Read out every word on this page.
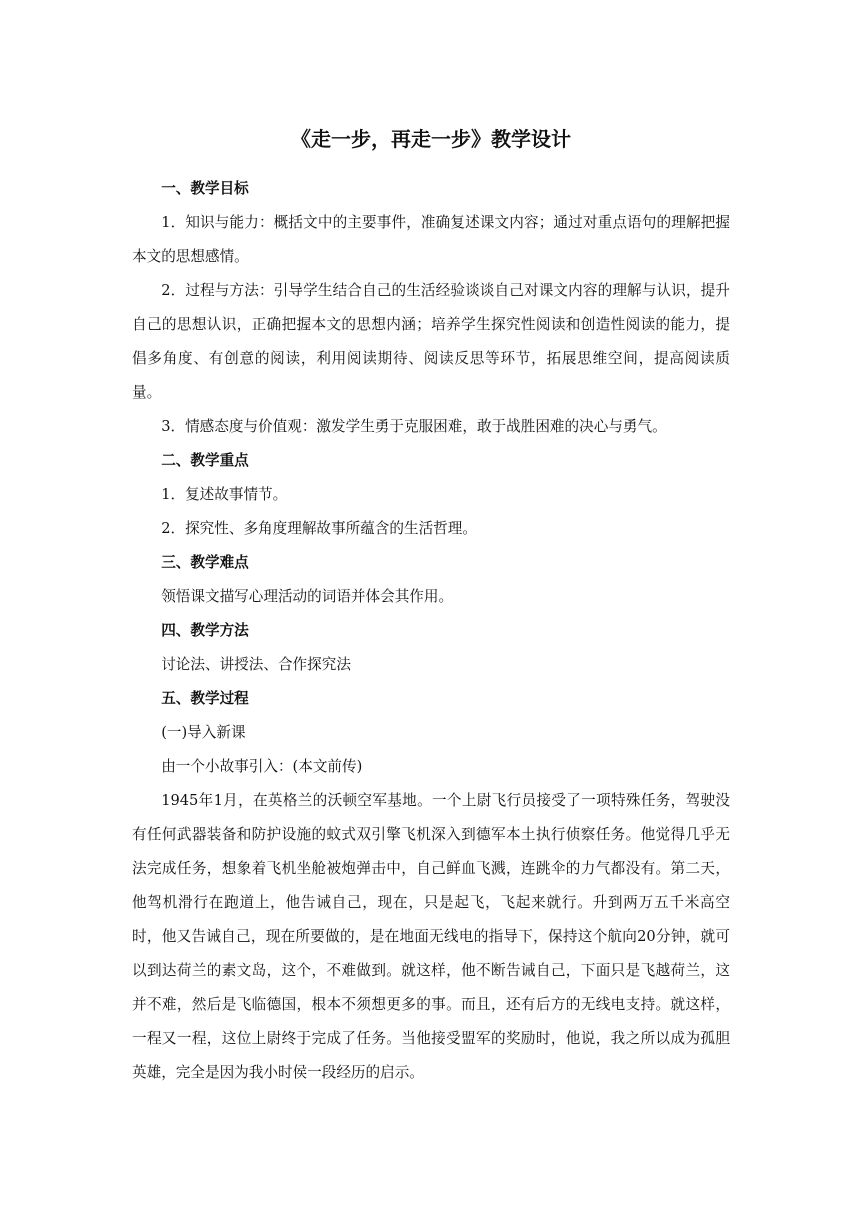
《走一步，再走一步》教学设计

一、教学目标

1．知识与能力：概括文中的主要事件，准确复述课文内容；通过对重点语句的理解把握本文的思想感情。

2．过程与方法：引导学生结合自己的生活经验谈谈自己对课文内容的理解与认识，提升自己的思想认识，正确把握本文的思想内涵；培养学生探究性阅读和创造性阅读的能力，提倡多角度、有创意的阅读，利用阅读期待、阅读反思等环节，拓展思维空间，提高阅读质量。

3．情感态度与价值观：激发学生勇于克服困难，敢于战胜困难的决心与勇气。

二、教学重点

1．复述故事情节。

2．探究性、多角度理解故事所蕴含的生活哲理。

三、教学难点

领悟课文描写心理活动的词语并体会其作用。

四、教学方法

讨论法、讲授法、合作探究法

五、教学过程

(一)导入新课

由一个小故事引入：(本文前传)

1945年1月，在英格兰的沃顿空军基地。一个上尉飞行员接受了一项特殊任务，驾驶没有任何武器装备和防护设施的蚊式双引擎飞机深入到德军本土执行侦察任务。他觉得几乎无法完成任务，想象着飞机坐舱被炮弹击中，自己鲜血飞溅，连跳伞的力气都没有。第二天，他驾机滑行在跑道上，他告诫自己，现在，只是起飞，飞起来就行。升到两万五千米高空时，他又告诫自己，现在所要做的，是在地面无线电的指导下，保持这个航向20分钟，就可以到达荷兰的素文岛，这个，不难做到。就这样，他不断告诫自己，下面只是飞越荷兰，这并不难，然后是飞临德国，根本不须想更多的事。而且，还有后方的无线电支持。就这样，一程又一程，这位上尉终于完成了任务。当他接受盟军的奖励时，他说，我之所以成为孤胆英雄，完全是因为我小时侯一段经历的启示。
